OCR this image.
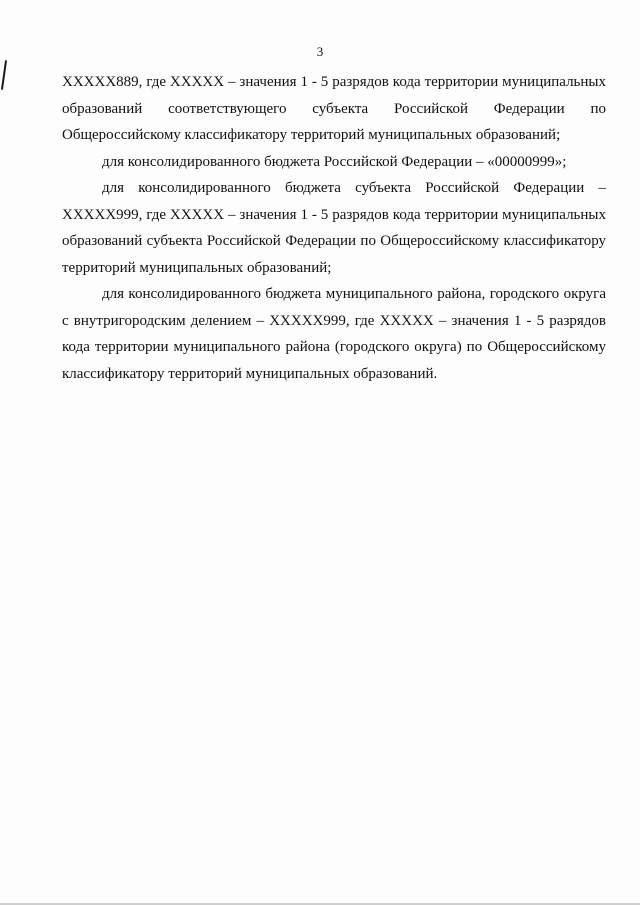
3
XXXXX889, где XXXXX – значения 1 - 5 разрядов кода территории муниципальных
образований соответствующего субъекта Российской Федерации по
Общероссийскому классификатору территорий муниципальных образований;
для консолидированного бюджета Российской Федерации – «00000999»;
для консолидированного бюджета субъекта Российской Федерации –
XXXXX999, где XXXXX – значения 1 - 5 разрядов кода территории муниципальных
образований субъекта Российской Федерации по Общероссийскому классификатору
территорий муниципальных образований;
для консолидированного бюджета муниципального района, городского округа
с внутригородским делением – XXXXX999, где XXXXX – значения 1 - 5 разрядов
кода территории муниципального района (городского округа) по Общероссийскому
классификатору территорий муниципальных образований.
